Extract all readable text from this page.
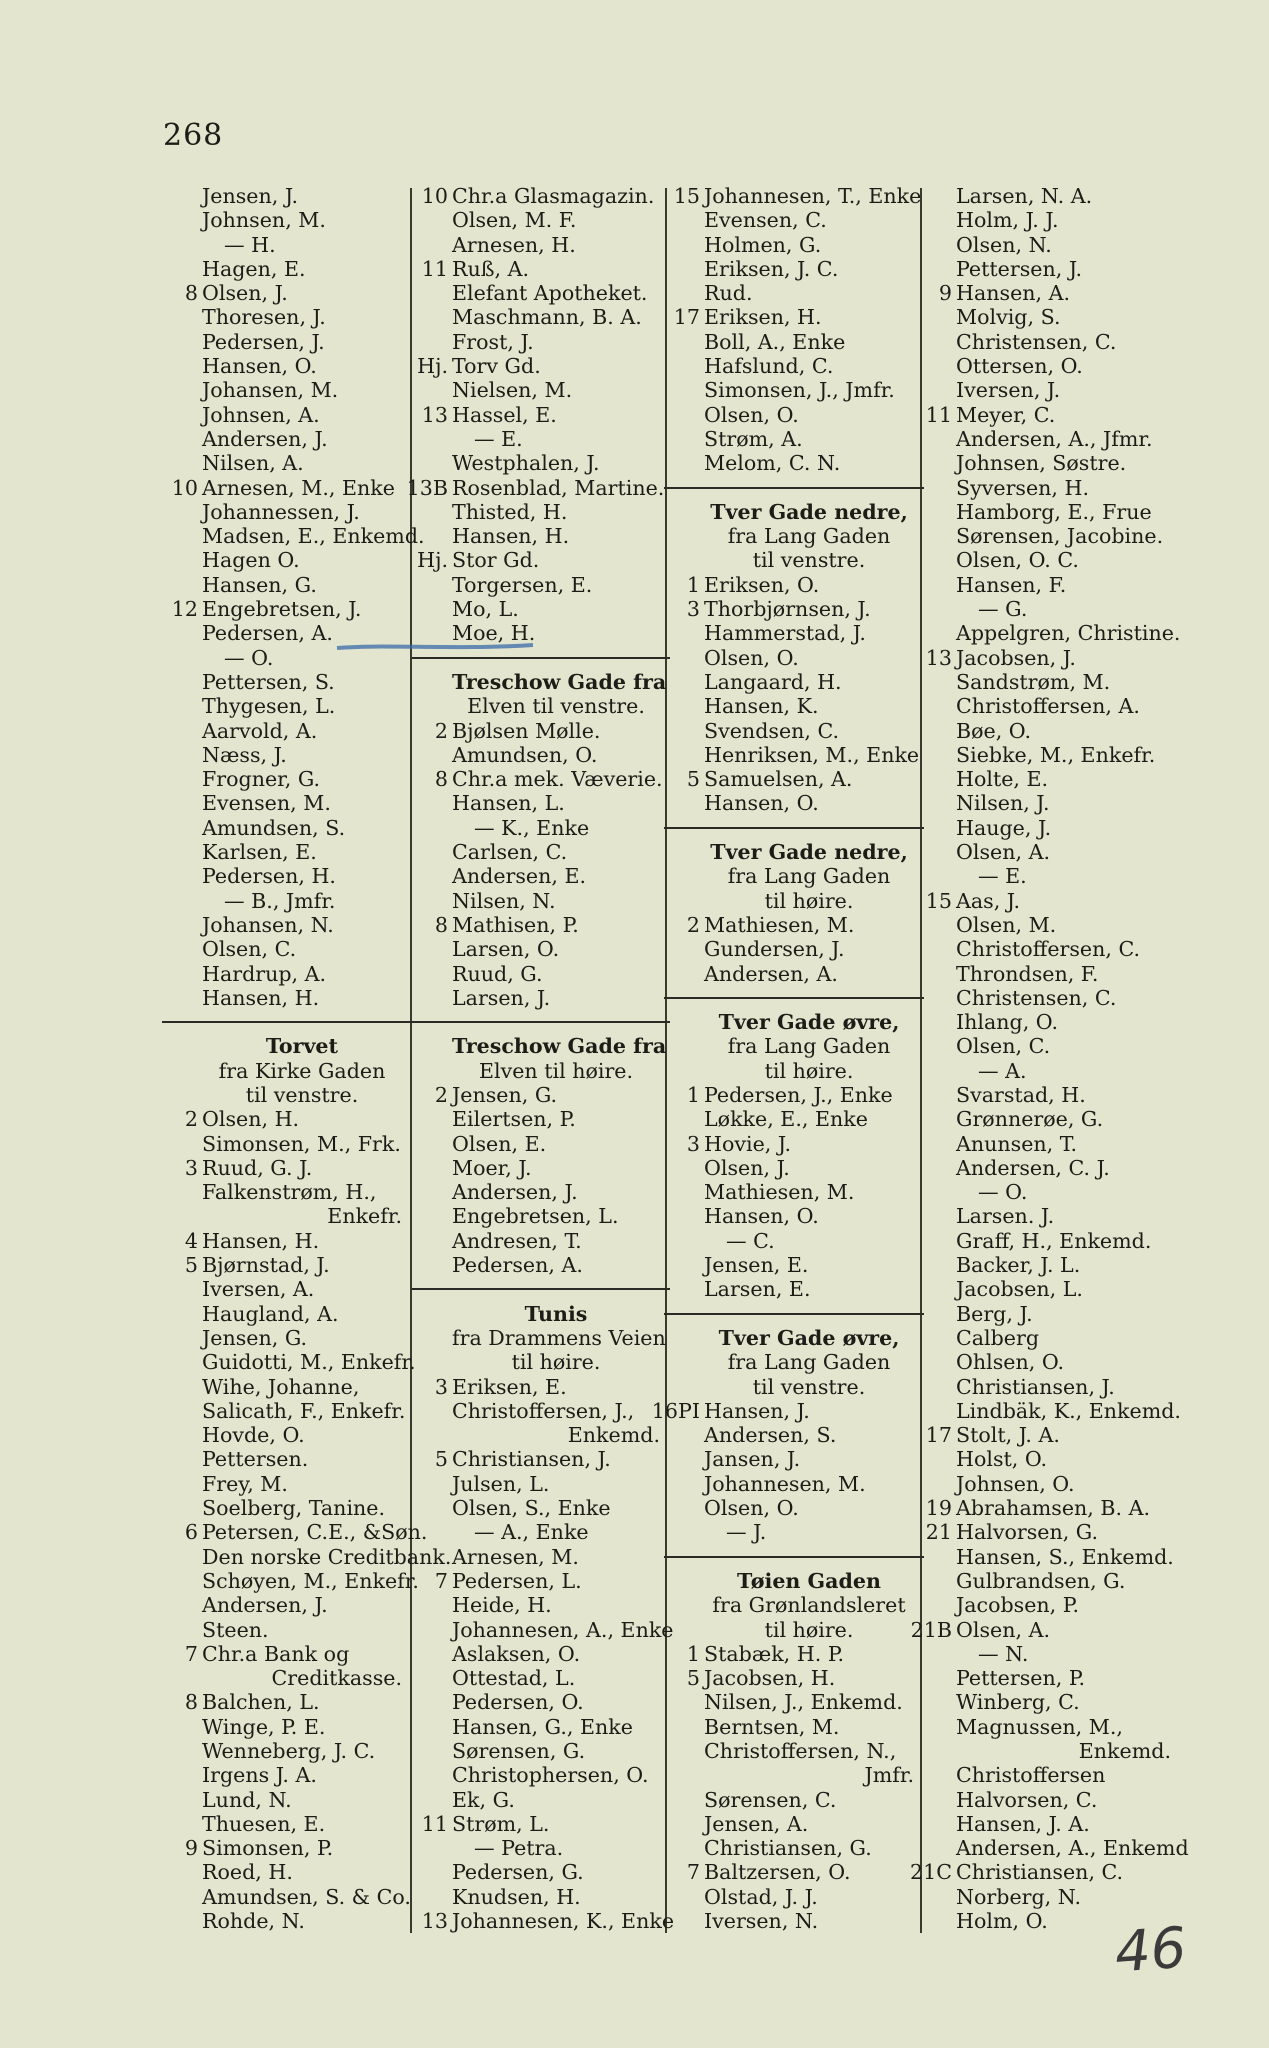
268
Jensen, J.
Johnsen, M.
— H.
Hagen, E.
8 Olsen, J.
Thoresen, J.
Pedersen, J.
Hansen, O.
Johansen, M.
Johnsen, A.
Andersen, J.
Nilsen, A.
10 Arnesen, M., Enke
Johannessen, J.
Madsen, E., Enkemd.
Hagen O.
Hansen, G.
12 Engebretsen, J.
Pedersen, A.
— O.
Pettersen, S.
Thygesen, L.
Aarvold, A.
Næss, J.
Frogner, G.
Evensen, M.
Amundsen, S.
Karlsen, E.
Pedersen, H.
— B., Jmfr.
Johansen, N.
Olsen, C.
Hardrup, A.
Hansen, H.
Torvet
fra Kirke Gaden
til venstre.
2 Olsen, H.
Simonsen, M., Frk.
3 Ruud, G. J.
Falkenstrøm, H.,
Enkefr.
4 Hansen, H.
5 Bjørnstad, J.
Iversen, A.
Haugland, A.
Jensen, G.
Guidotti, M., Enkefr.
Wihe, Johanne,
Salicath, F., Enkefr.
Hovde, O.
Pettersen.
Frey, M.
Soelberg, Tanine.
6 Petersen, C.E., &Søn.
Den norske Creditbank.
Schøyen, M., Enkefr.
Andersen, J.
Steen.
7 Chr.a Bank og
Creditkasse.
8 Balchen, L.
Winge, P. E.
Wenneberg, J. C.
Irgens J. A.
Lund, N.
Thuesen, E.
9 Simonsen, P.
Roed, H.
Amundsen, S. & Co.
Rohde, N.
10 Chr.a Glasmagazin.
Olsen, M. F.
Arnesen, H.
11 Ruß, A.
Elefant Apotheket.
Maschmann, B. A.
Frost, J.
Hj. Torv Gd.
Nielsen, M.
13 Hassel, E.
— E.
Westphalen, J.
13B Rosenblad, Martine.
Thisted, H.
Hansen, H.
Hj. Stor Gd.
Torgersen, E.
Mo, L.
Moe, H.
Treschow Gade fra
Elven til venstre.
2 Bjølsen Mølle.
Amundsen, O.
8 Chr.a mek. Væverie.
Hansen, L.
— K., Enke
Carlsen, C.
Andersen, E.
Nilsen, N.
8 Mathisen, P.
Larsen, O.
Ruud, G.
Larsen, J.
Treschow Gade fra
Elven til høire.
2 Jensen, G.
Eilertsen, P.
Olsen, E.
Moer, J.
Andersen, J.
Engebretsen, L.
Andresen, T.
Pedersen, A.
Tunis
fra Drammens Veien
til høire.
3 Eriksen, E.
Christoffersen, J.,
Enkemd.
5 Christiansen, J.
Julsen, L.
Olsen, S., Enke
— A., Enke
Arnesen, M.
7 Pedersen, L.
Heide, H.
Johannesen, A., Enke
Aslaksen, O.
Ottestad, L.
Pedersen, O.
Hansen, G., Enke
Sørensen, G.
Christophersen, O.
Ek, G.
11 Strøm, L.
— Petra.
Pedersen, G.
Knudsen, H.
13 Johannesen, K., Enke
15 Johannesen, T., Enke
Evensen, C.
Holmen, G.
Eriksen, J. C.
Rud.
17 Eriksen, H.
Boll, A., Enke
Hafslund, C.
Simonsen, J., Jmfr.
Olsen, O.
Strøm, A.
Melom, C. N.
Tver Gade nedre,
fra Lang Gaden
til venstre.
1 Eriksen, O.
3 Thorbjørnsen, J.
Hammerstad, J.
Olsen, O.
Langaard, H.
Hansen, K.
Svendsen, C.
Henriksen, M., Enke
5 Samuelsen, A.
Hansen, O.
Tver Gade nedre,
fra Lang Gaden
til høire.
2 Mathiesen, M.
Gundersen, J.
Andersen, A.
Tver Gade øvre,
fra Lang Gaden
til høire.
1 Pedersen, J., Enke
Løkke, E., Enke
3 Hovie, J.
Olsen, J.
Mathiesen, M.
Hansen, O.
— C.
Jensen, E.
Larsen, E.
Tver Gade øvre,
fra Lang Gaden
til venstre.
16PI Hansen, J.
Andersen, S.
Jansen, J.
Johannesen, M.
Olsen, O.
— J.
Tøien Gaden
fra Grønlandsleret
til høire.
1 Stabæk, H. P.
5 Jacobsen, H.
Nilsen, J., Enkemd.
Berntsen, M.
Christoffersen, N.,
Jmfr.
Sørensen, C.
Jensen, A.
Christiansen, G.
7 Baltzersen, O.
Olstad, J. J.
Iversen, N.
Larsen, N. A.
Holm, J. J.
Olsen, N.
Pettersen, J.
9 Hansen, A.
Molvig, S.
Christensen, C.
Ottersen, O.
Iversen, J.
11 Meyer, C.
Andersen, A., Jfmr.
Johnsen, Søstre.
Syversen, H.
Hamborg, E., Frue
Sørensen, Jacobine.
Olsen, O. C.
Hansen, F.
— G.
Appelgren, Christine.
13 Jacobsen, J.
Sandstrøm, M.
Christoffersen, A.
Bøe, O.
Siebke, M., Enkefr.
Holte, E.
Nilsen, J.
Hauge, J.
Olsen, A.
— E.
15 Aas, J.
Olsen, M.
Christoffersen, C.
Throndsen, F.
Christensen, C.
Ihlang, O.
Olsen, C.
— A.
Svarstad, H.
Grønnerøe, G.
Anunsen, T.
Andersen, C. J.
— O.
Larsen. J.
Graff, H., Enkemd.
Backer, J. L.
Jacobsen, L.
Berg, J.
Calberg
Ohlsen, O.
Christiansen, J.
Lindbäk, K., Enkemd.
17 Stolt, J. A.
Holst, O.
Johnsen, O.
19 Abrahamsen, B. A.
21 Halvorsen, G.
Hansen, S., Enkemd.
Gulbrandsen, G.
Jacobsen, P.
21B Olsen, A.
— N.
Pettersen, P.
Winberg, C.
Magnussen, M.,
Enkemd.
Christoffersen
Halvorsen, C.
Hansen, J. A.
Andersen, A., Enkemd
21C Christiansen, C.
Norberg, N.
Holm, O.	46
